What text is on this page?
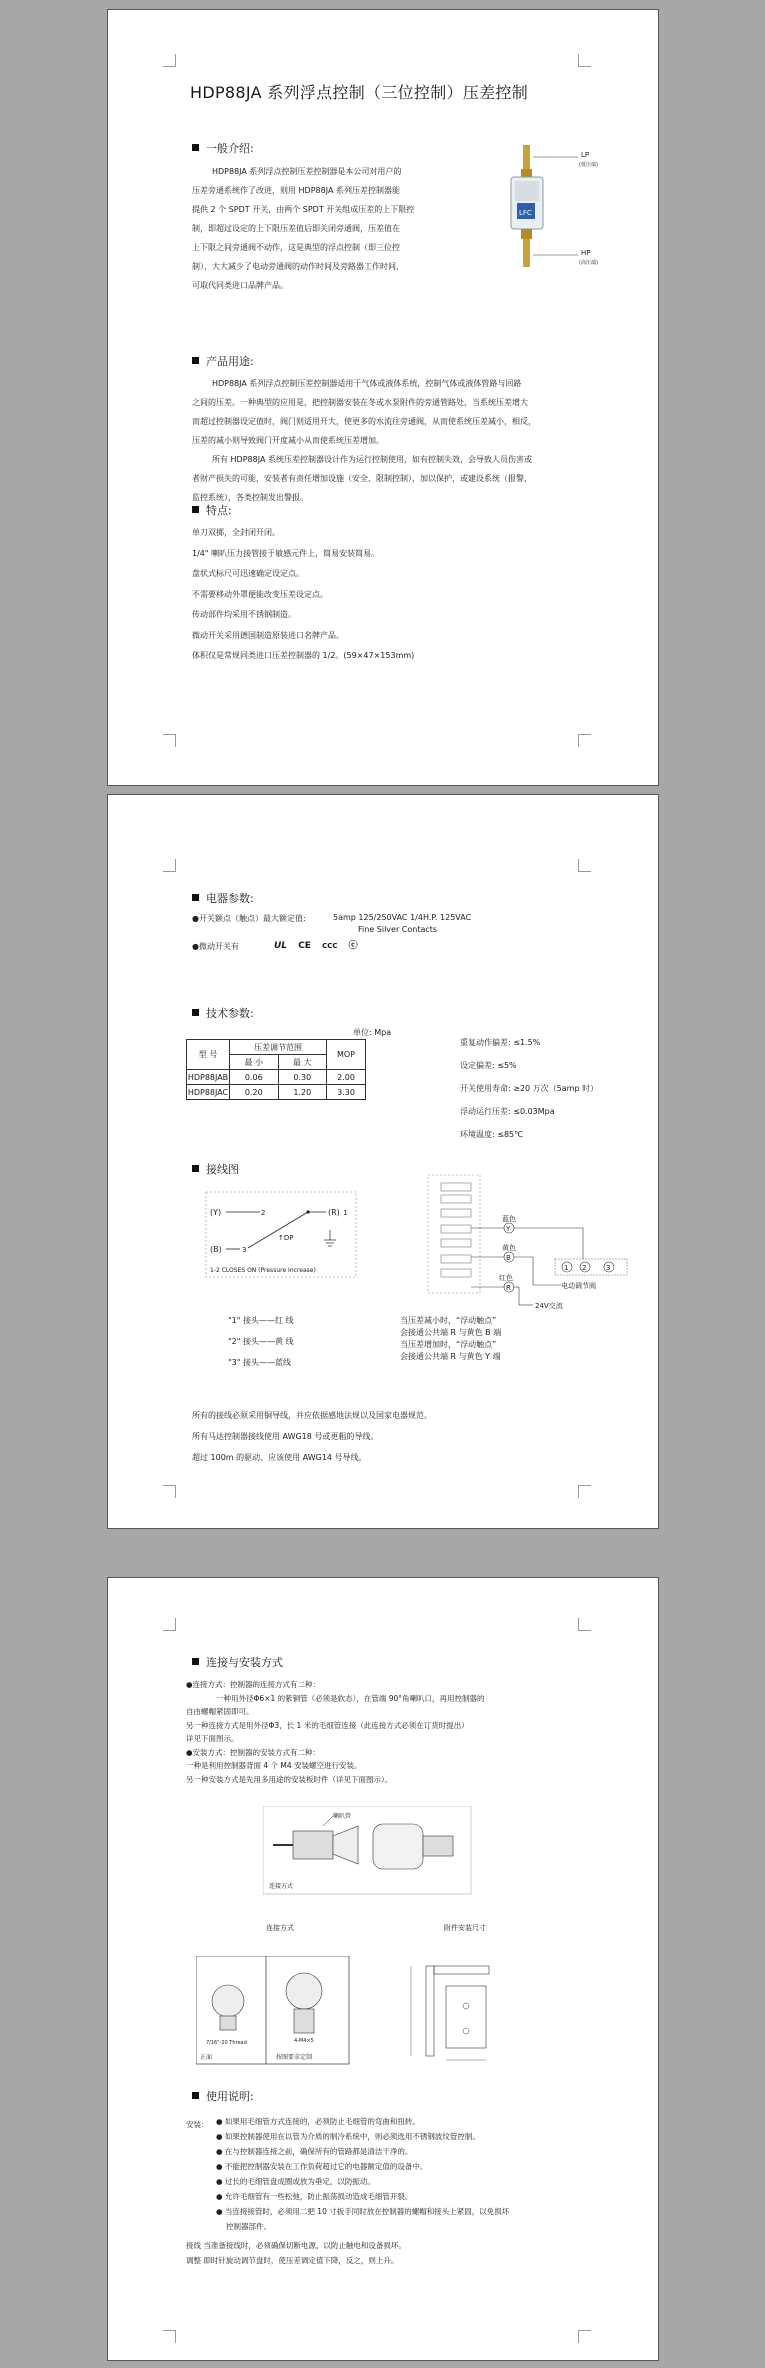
HDP88JA 系列浮点控制（三位控制）压差控制
一般介绍:

HDP88JA 系列浮点控制压差控制器是本公司对用户的

压差旁通系统作了改进，则用 HDP88JA 系列压差控制器能

提供 2 个 SPDT 开关，由两个 SPDT 开关组成压差的上下限控

制，即超过设定的上下限压差值后即关闭旁通阀，压差值在

上下限之间旁通阀不动作，这是典型的浮点控制（即三位控

制），大大减少了电动旁通阀的动作时间及旁路器工作时间，

可取代同类进口品牌产品。

LFC
LP
(低压端)
HP
(高压端)
产品用途:

HDP88JA 系列浮点控制压差控制器适用于气体或液体系统，控制气体或液体管路与回路

之间的压差。一种典型的应用是，把控制器安装在冬或水泵附件的旁通管路处，当系统压差增大

而超过控制器设定值时，阀门则适用开大，使更多的水流往旁通阀，从而使系统压差减小，相反，

压差的减小则导致阀门开度减小从而使系统压差增加。

所有 HDP88JA 系统压差控制器设计作为运行控制使用，如有控制失效，会导致人员伤害或

者财产损失的可能，安装者有责任增加设施（安全、限制控制），加以保护，或建设系统（报警，

监控系统），各类控制发出警报。

特点:

单刀双掷，全封闭开闭。

1/4" 喇叭压力接管接于敏感元件上，简易安装简易。

盘状式标尺可迅速确定设定点。

不需要移动外罩便能改变压差设定点。

传动部件均采用不锈钢制造。

微动开关采用德国制造原装进口名牌产品。

体积仅是常规同类进口压差控制器的 1/2。(59×47×153mm)

电器参数:
●开关额点（触点）最大额定值:	5amp 125/250VAC 1/4H.P. 125VAC
Fine Silver Contacts
●微动开关有	UL CE CCC ⓒ
技术参数:
单位: Mpa
型 号	压差调节范围		MOP
	最 小	最 大	
HDP88JAB	0.06	0.30	2.00
HDP88JAC	0.20	1.20	3.30

重复动作偏差: ≤1.5%

设定偏差: ≤5%

开关使用寿命: ≥20 万次（5amp 时）

浮动运行压差: ≤0.03Mpa

环境温度: ≤85℃

接线图
(Y)
(B)
(R)
2
3
1
↑DP
1-2 CLOSES ON (Pressure Increase)
"1" 接头——红 线
"2" 接头——黄 线
"3" 接头——蓝线
蓝色
Y
黄色
B
红色
R
1 2	3
电动调节阀
24V交流
当压差减小时，“浮动触点”
会接通公共端 R 与黄色 B 端
当压差增加时，“浮动触点”
会接通公共端 R 与黄色 Y 端

所有的接线必须采用铜导线，并应依据感地法规以及国家电器规范。

所有马达控制器接线使用 AWG18 号或更粗的导线。

超过 100m 的驱动、应该使用 AWG14 号导线。

连接与安装方式

●连接方式：控制器的连接方式有二种：

一种用外径Φ6×1 的紫铜管（必须是软态），在管端 90°角喇叭口，再用控制器的

自由螺帽紧固即可。

另一种连接方式是用外径Φ3，长 1 米的毛细管连接（此连接方式必须在订货时提出）

详见下面图示。

●安装方式：控制器的安装方式有二种：

一种是利用控制器背面 4 个 M4 安装螺空进行安装。

另一种安装方式是先用多用途的安装板时件（详见下面图示）。

喇叭管
连接方式
连接方式	附件安装尺寸
7/16"-20 Thread	4-M4×5
正面	按图要求定制
使用说明:
安装： ● 如果用毛细管方式连接的，必须防止毛细管的弯曲和扭转。

● 如果控制器使用在以管为介质的制冷系统中，则必须选用不锈钢波纹管控制。

● 在与控制器连接之前，确保所有的管路都是清洁干净的。

● 不能把控制器安装在工作负荷超过它的电器额定值的设备中。

● 过长的毛细管盘成圈或放为垂定，以防振动。

● 允许毛细管有一些松弛，防止振荡损动造成毛细管开裂。

● 当连接接管时，必须用二把 10 寸扳手同时放在控制器的螺帽和接头上紧固，以免损坏

控制器部件。

接线 当准备接线时，必须确保切断电源，以防止触电和设备损坏。

调整 即时针旋动调节盘时，使压差调定值下降，反之，则上升。
